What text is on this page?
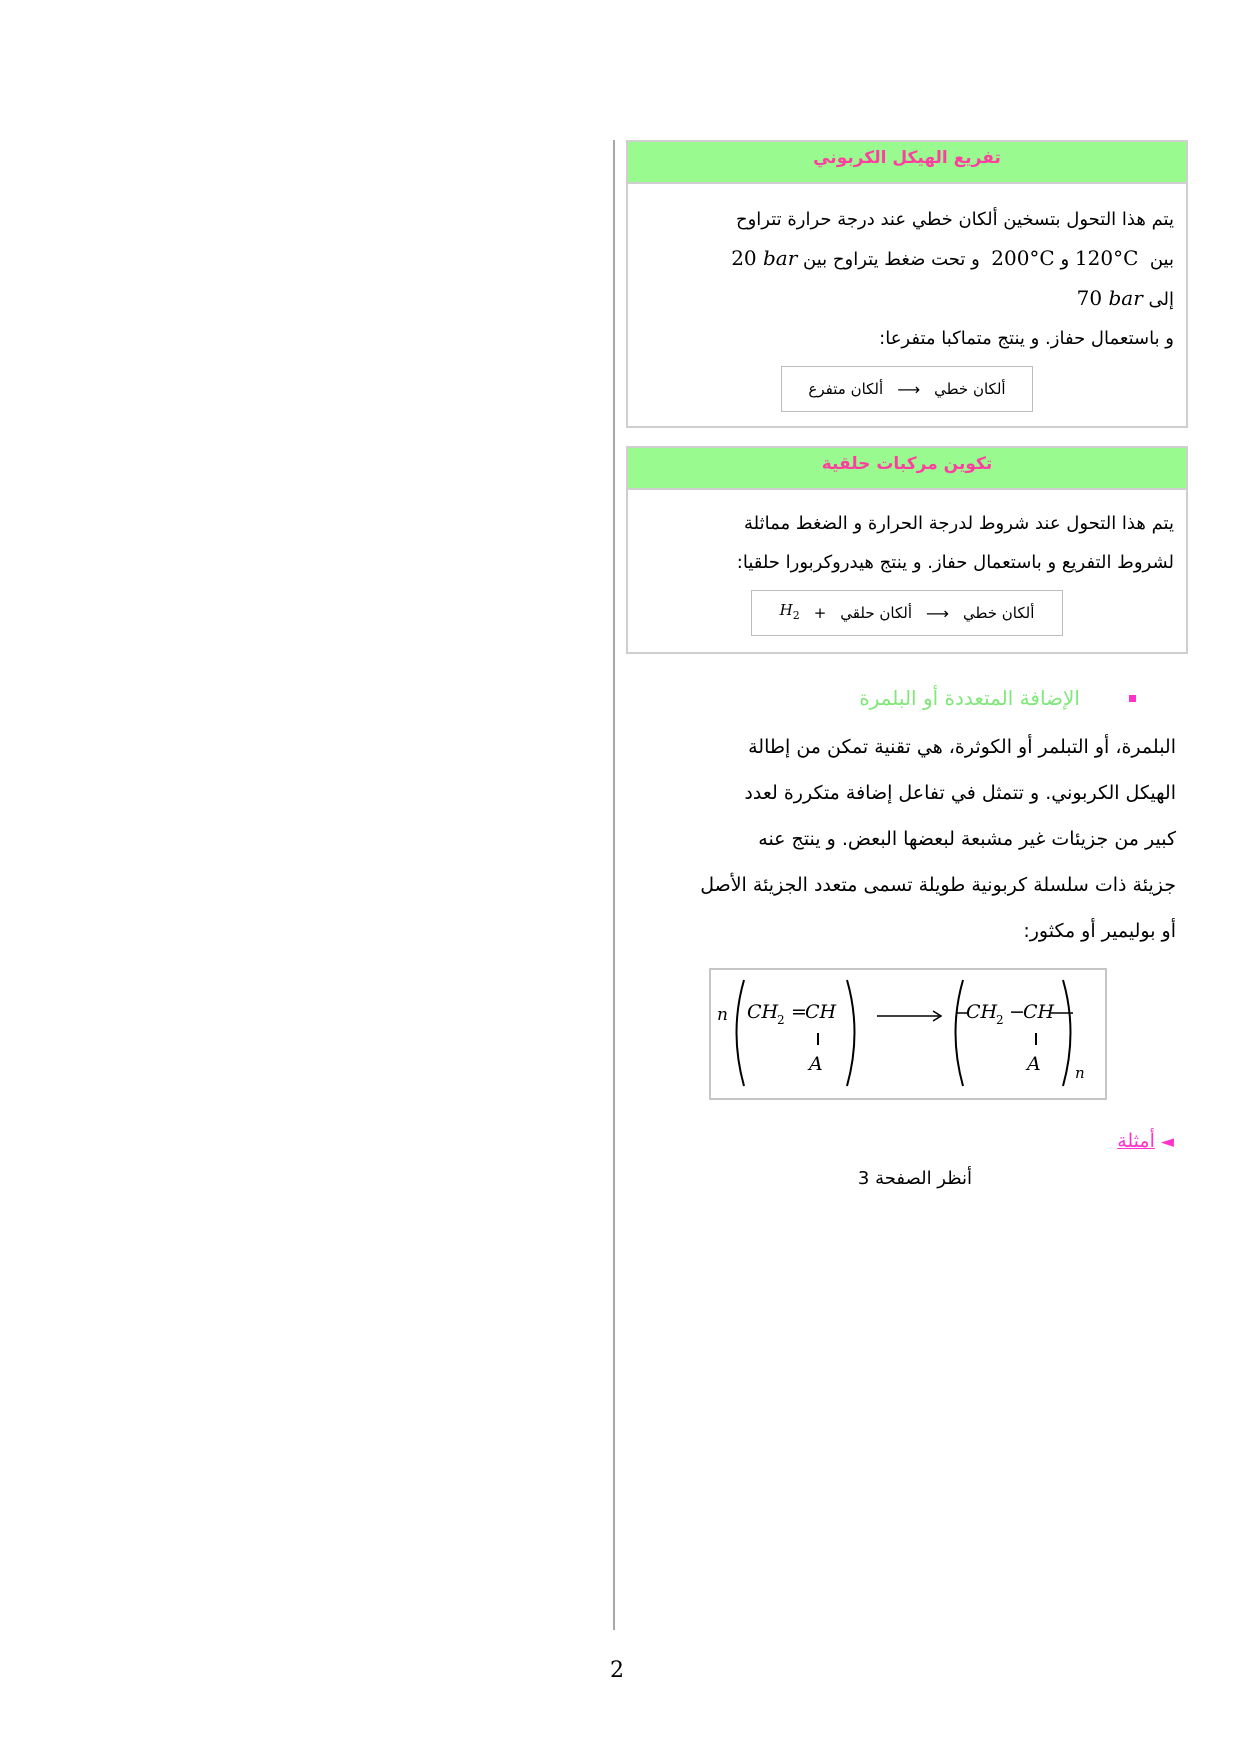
تفريع الهيكل الكربوني
يتم هذا التحول بتسخين ألكان خطي عند درجة حرارة تتراوح
بين  120°C و 200°C  و تحت ضغط يتراوح بين 20 bar
إلى 70 bar
و باستعمال حفاز. و ينتج متماكبا متفرعا:
ألكان خطي
⟶
ألكان متفرع
تكوين مركبات حلقية
يتم هذا التحول عند شروط لدرجة الحرارة و الضغط مماثلة
لشروط التفريع و باستعمال حفاز. و ينتج هيدروكربورا حلقيا:
ألكان خطي
⟶
ألكان حلقي
+
$H_2$
الإضافة المتعددة أو البلمرة
البلمرة، أو التبلمر أو الكوثرة، هي تقنية تمكن من إطالة
الهيكل الكربوني. و تتمثل في تفاعل إضافة متكررة لعدد
كبير من جزيئات غير مشبعة لبعضها البعض. و ينتج عنه
جزيئة ذات سلسلة كربونية طويلة تسمى متعدد الجزيئة الأصل
أو بوليمير أو مكثور:
n CH
2 =
CH
A
CH
2 −
CH
A n
◄ أمثلة
أنظر الصفحة 3
2
